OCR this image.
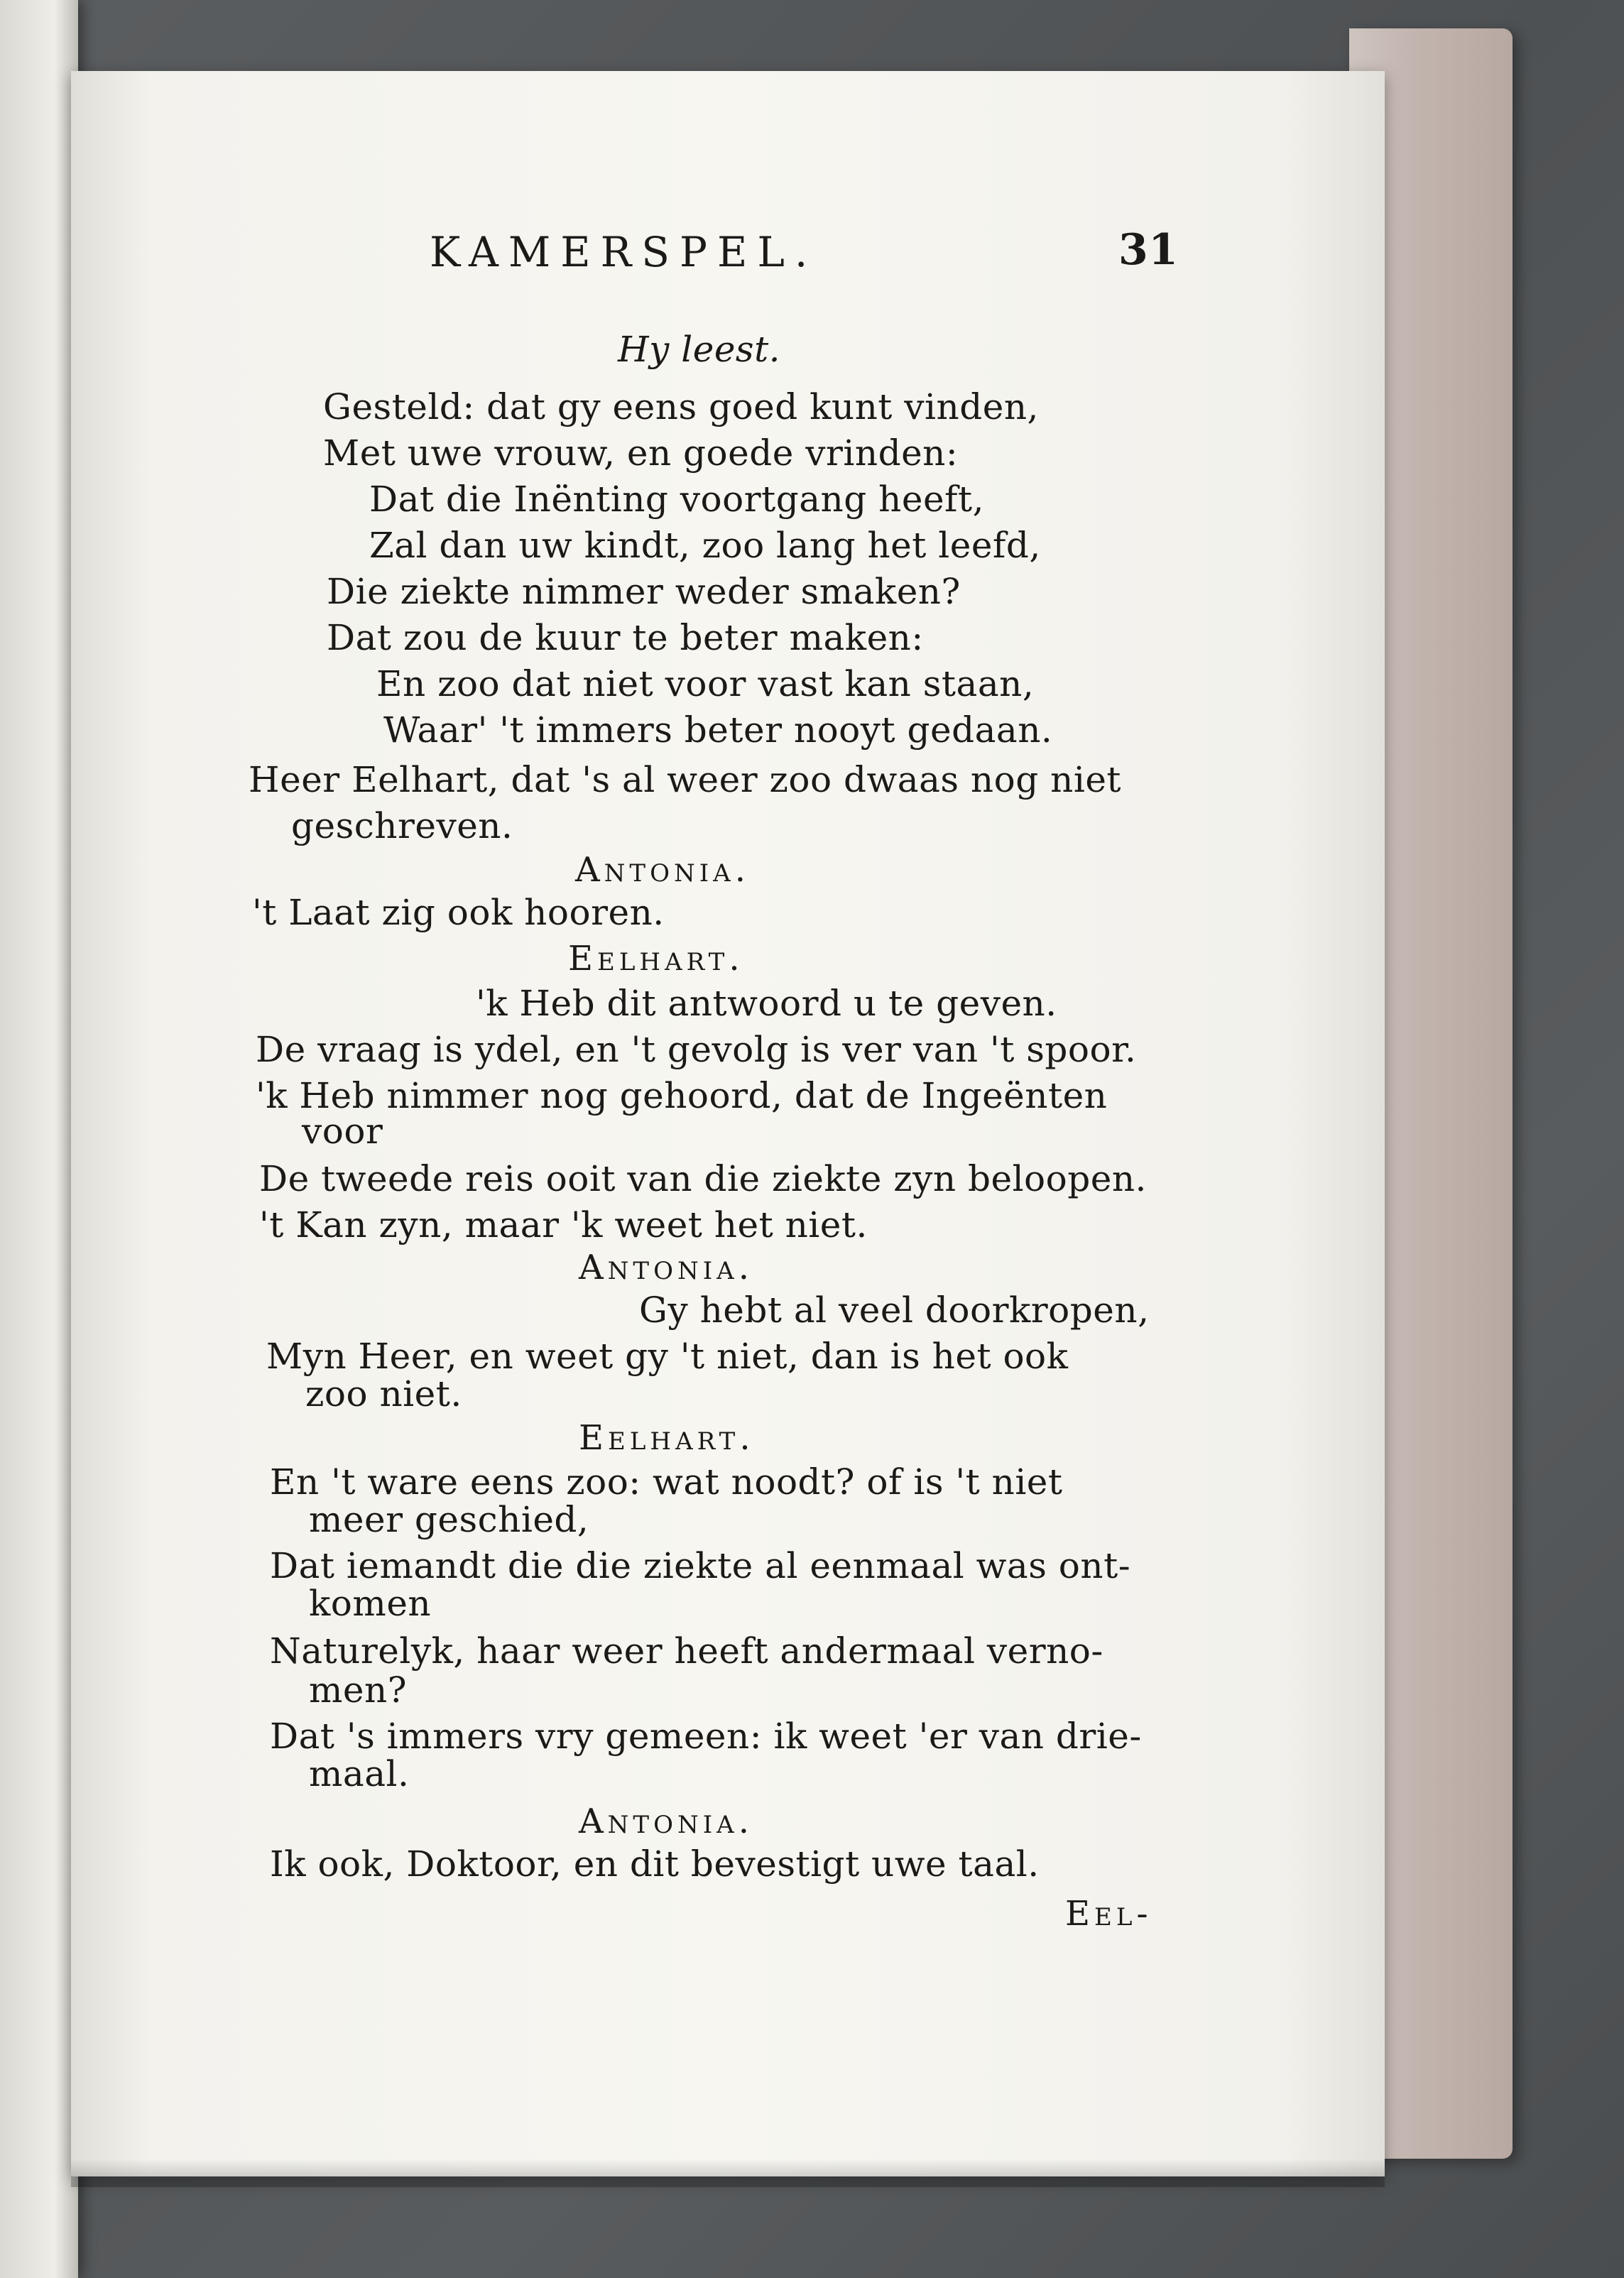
KAMERSPEL.	31
Hy leest.
Gesteld: dat gy eens goed kunt vinden,
Met uwe vrouw, en goede vrinden:
Dat die Inënting voortgang heeft,
Zal dan uw kindt, zoo lang het leefd,
Die ziekte nimmer weder smaken?
Dat zou de kuur te beter maken:
En zoo dat niet voor vast kan staan,
Waar' 't immers beter nooyt gedaan.
Heer Eelhart, dat 's al weer zoo dwaas nog niet
geschreven.
Antonia.
't Laat zig ook hooren.
Eelhart.
'k Heb dit antwoord u te geven.
De vraag is ydel, en 't gevolg is ver van 't spoor.
'k Heb nimmer nog gehoord, dat de Ingeënten
voor
De tweede reis ooit van die ziekte zyn beloopen.
't Kan zyn, maar 'k weet het niet.
Antonia.
Gy hebt al veel doorkropen,
Myn Heer, en weet gy 't niet, dan is het ook
zoo niet.
Eelhart.
En 't ware eens zoo: wat noodt? of is 't niet
meer geschied,
Dat iemandt die die ziekte al eenmaal was ont-
komen
Naturelyk, haar weer heeft andermaal verno-
men?
Dat 's immers vry gemeen: ik weet 'er van drie-
maal.
Antonia.
Ik ook, Doktoor, en dit bevestigt uwe taal.
Eel-
